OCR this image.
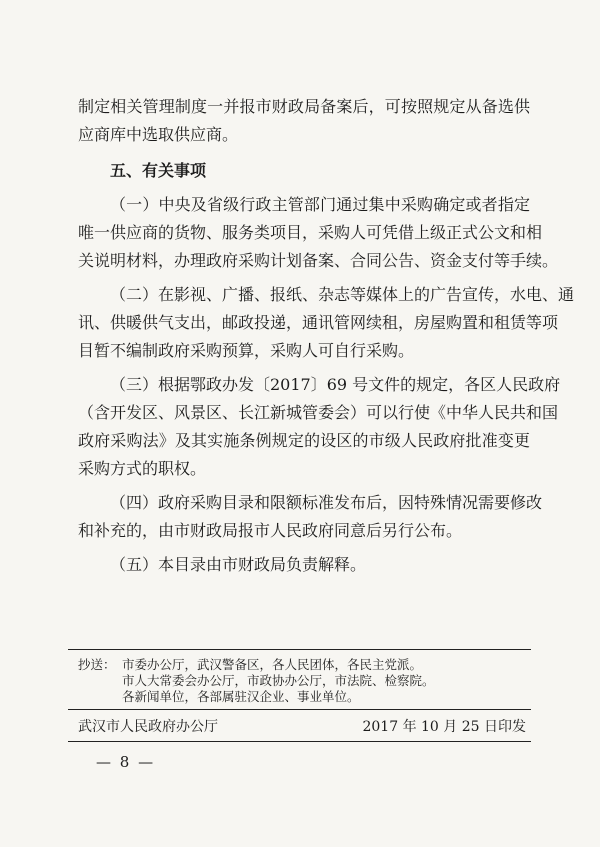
制定相关管理制度一并报市财政局备案后，可按照规定从备选供
应商库中选取供应商。
五、有关事项
（一）中央及省级行政主管部门通过集中采购确定或者指定
唯一供应商的货物、服务类项目，采购人可凭借上级正式公文和相
关说明材料，办理政府采购计划备案、合同公告、资金支付等手续。
（二）在影视、广播、报纸、杂志等媒体上的广告宣传，水电、通
讯、供暖供气支出，邮政投递，通讯管网续租，房屋购置和租赁等项
目暂不编制政府采购预算，采购人可自行采购。
（三）根据鄂政办发〔2017〕69 号文件的规定，各区人民政府
（含开发区、风景区、长江新城管委会）可以行使《中华人民共和国
政府采购法》及其实施条例规定的设区的市级人民政府批准变更
采购方式的职权。
（四）政府采购目录和限额标准发布后，因特殊情况需要修改
和补充的，由市财政局报市人民政府同意后另行公布。
（五）本目录由市财政局负责解释。
抄送： 市委办公厅，武汉警备区，各人民团体，各民主党派。
市人大常委会办公厅，市政协办公厅，市法院、检察院。
各新闻单位，各部属驻汉企业、事业单位。
武汉市人民政府办公厅	2017 年 10 月 25 日印发
— 8 —
